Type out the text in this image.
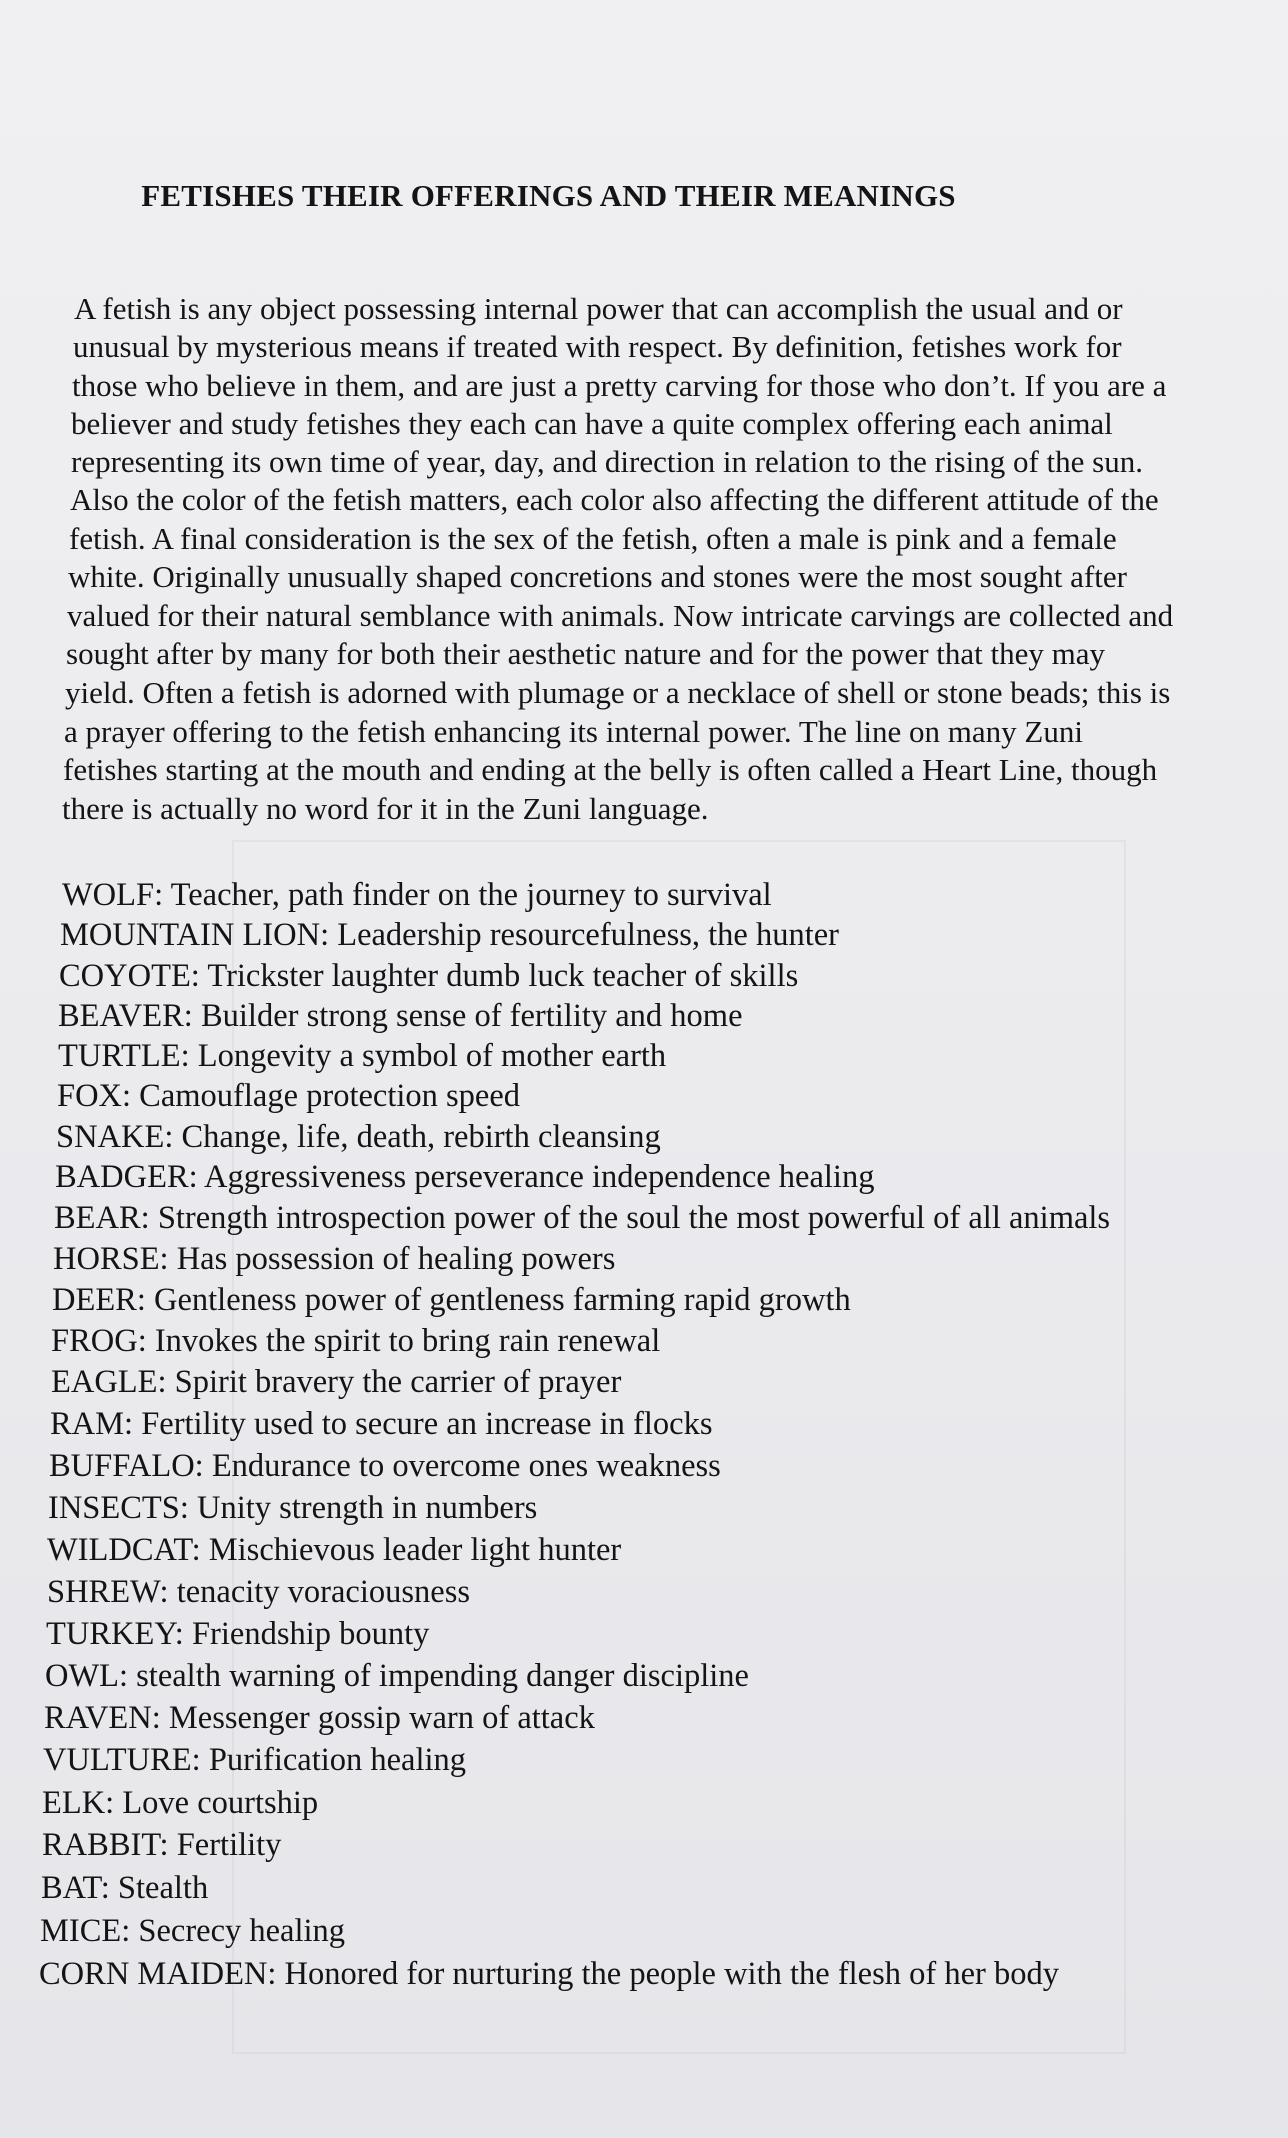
FETISHES THEIR OFFERINGS AND THEIR MEANINGS
A fetish is any object possessing internal power that can accomplish the usual and or
unusual by mysterious means if treated with respect. By definition, fetishes work for
those who believe in them, and are just a pretty carving for those who don’t. If you are a
believer and study fetishes they each can have a quite complex offering each animal
representing its own time of year, day, and direction in relation to the rising of the sun.
Also the color of the fetish matters, each color also affecting the different attitude of the
fetish. A final consideration is the sex of the fetish, often a male is pink and a female
white. Originally unusually shaped concretions and stones were the most sought after
valued for their natural semblance with animals. Now intricate carvings are collected and
sought after by many for both their aesthetic nature and for the power that they may
yield. Often a fetish is adorned with plumage or a necklace of shell or stone beads; this is
a prayer offering to the fetish enhancing its internal power. The line on many Zuni
fetishes starting at the mouth and ending at the belly is often called a Heart Line, though
there is actually no word for it in the Zuni language.
WOLF: Teacher, path finder on the journey to survival
MOUNTAIN LION: Leadership resourcefulness, the hunter
COYOTE: Trickster laughter dumb luck teacher of skills
BEAVER: Builder strong sense of fertility and home
TURTLE: Longevity a symbol of mother earth
FOX: Camouflage protection speed
SNAKE: Change, life, death, rebirth cleansing
BADGER: Aggressiveness perseverance independence healing
BEAR: Strength introspection power of the soul the most powerful of all animals
HORSE: Has possession of healing powers
DEER: Gentleness power of gentleness farming rapid growth
FROG: Invokes the spirit to bring rain renewal
EAGLE: Spirit bravery the carrier of prayer
RAM: Fertility used to secure an increase in flocks
BUFFALO: Endurance to overcome ones weakness
INSECTS: Unity strength in numbers
WILDCAT: Mischievous leader light hunter
SHREW: tenacity voraciousness
TURKEY: Friendship bounty
OWL: stealth warning of impending danger discipline
RAVEN: Messenger gossip warn of attack
VULTURE: Purification healing
ELK: Love courtship
RABBIT: Fertility
BAT: Stealth
MICE: Secrecy healing
CORN MAIDEN: Honored for nurturing the people with the flesh of her body
